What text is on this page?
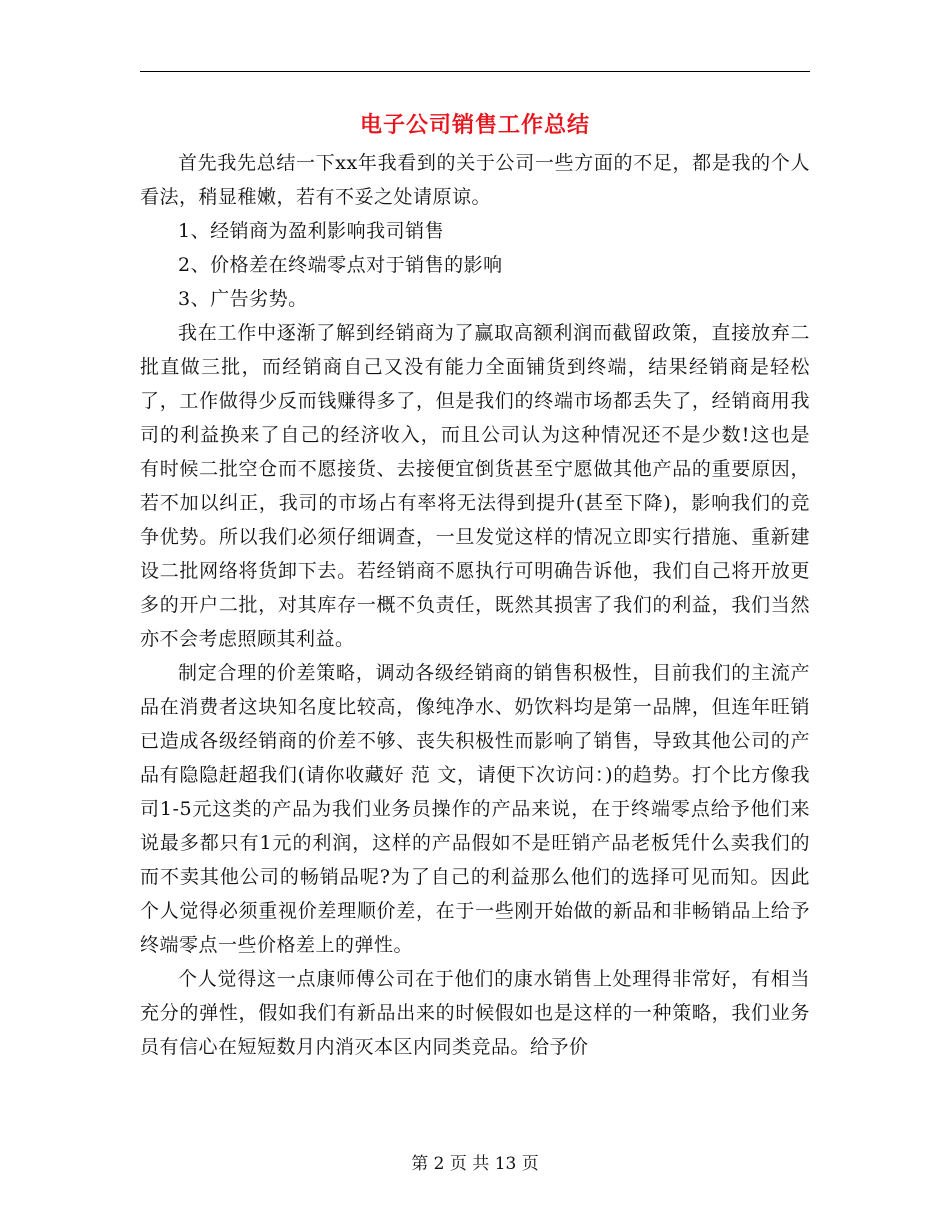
电子公司销售工作总结

首先我先总结一下xx年我看到的关于公司一些方面的不足，都是我的个人看法，稍显稚嫩，若有不妥之处请原谅。

1、经销商为盈利影响我司销售

2、价格差在终端零点对于销售的影响

3、广告劣势。

我在工作中逐渐了解到经销商为了赢取高额利润而截留政策，直接放弃二批直做三批，而经销商自己又没有能力全面铺货到终端，结果经销商是轻松了，工作做得少反而钱赚得多了，但是我们的终端市场都丢失了，经销商用我司的利益换来了自己的经济收入，而且公司认为这种情况还不是少数!这也是有时候二批空仓而不愿接货、去接便宜倒货甚至宁愿做其他产品的重要原因，若不加以纠正，我司的市场占有率将无法得到提升(甚至下降)，影响我们的竞争优势。所以我们必须仔细调查，一旦发觉这样的情况立即实行措施、重新建设二批网络将货卸下去。若经销商不愿执行可明确告诉他，我们自己将开放更多的开户二批，对其库存一概不负责任，既然其损害了我们的利益，我们当然亦不会考虑照顾其利益。

制定合理的价差策略，调动各级经销商的销售积极性，目前我们的主流产品在消费者这块知名度比较高，像纯净水、奶饮料均是第一品牌，但连年旺销已造成各级经销商的价差不够、丧失积极性而影响了销售，导致其他公司的产品有隐隐赶超我们(请你收藏好 范 文，请便下次访问：)的趋势。打个比方像我司1-5元这类的产品为我们业务员操作的产品来说，在于终端零点给予他们来说最多都只有1元的利润，这样的产品假如不是旺销产品老板凭什么卖我们的而不卖其他公司的畅销品呢?为了自己的利益那么他们的选择可见而知。因此个人觉得必须重视价差理顺价差，在于一些刚开始做的新品和非畅销品上给予终端零点一些价格差上的弹性。

个人觉得这一点康师傅公司在于他们的康水销售上处理得非常好，有相当充分的弹性，假如我们有新品出来的时候假如也是这样的一种策略，我们业务员有信心在短短数月内消灭本区内同类竞品。给予价

第 2 页 共 13 页
